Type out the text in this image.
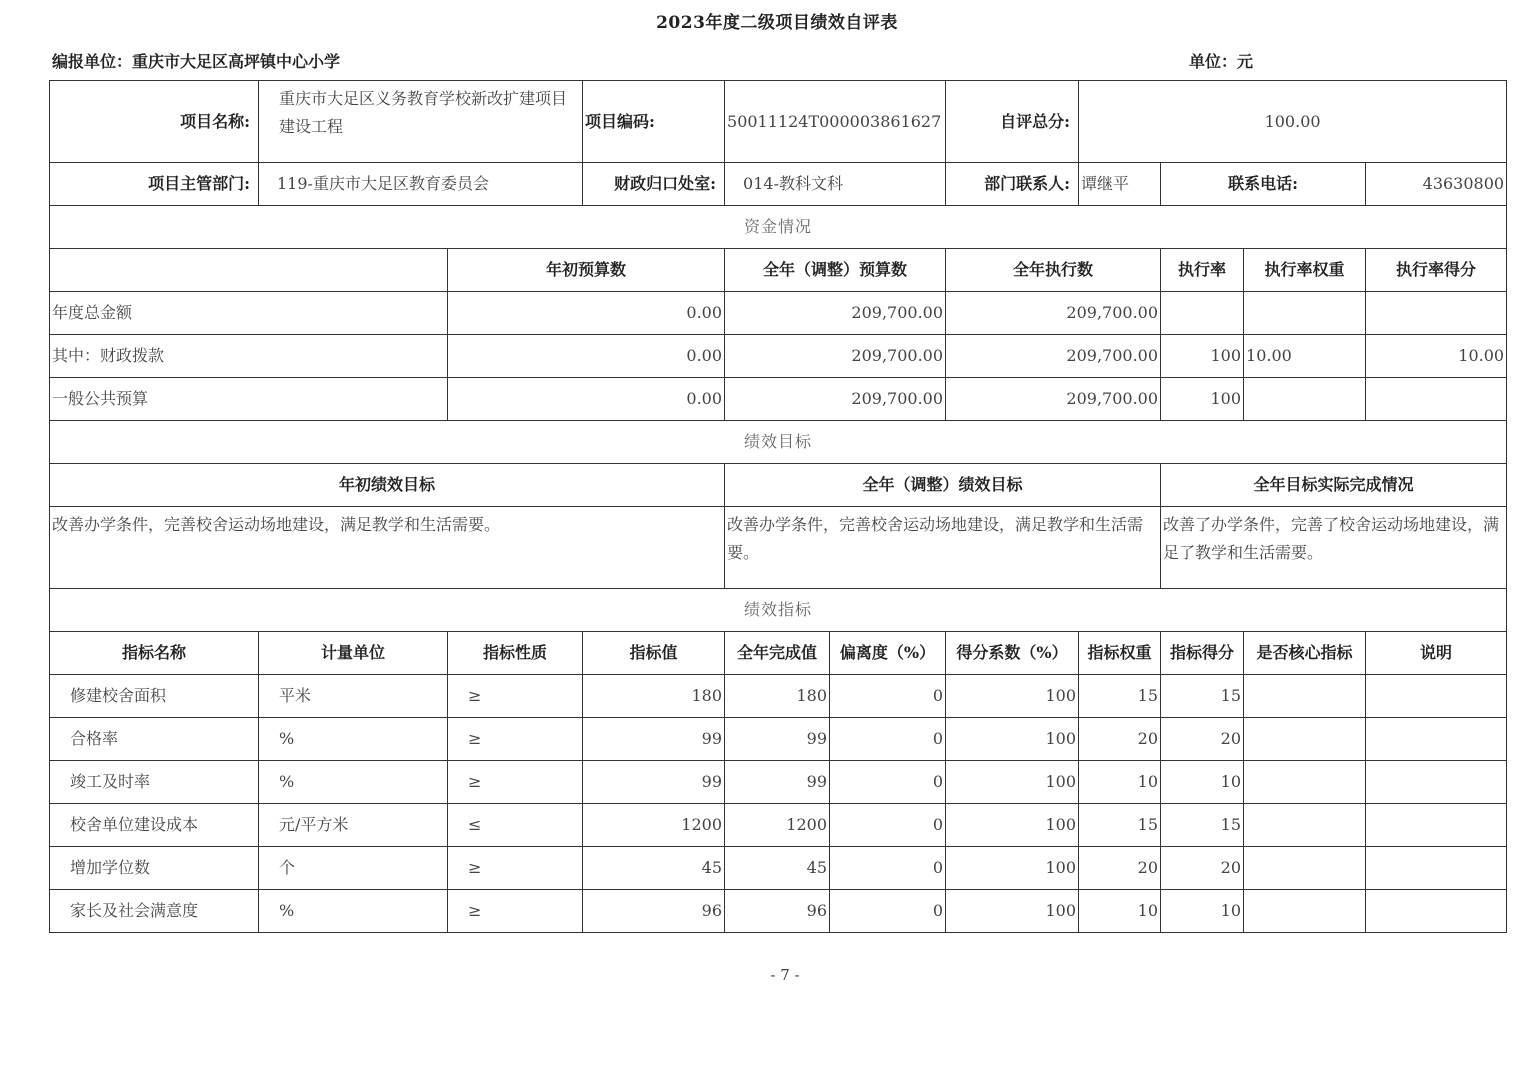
2023年度二级项目绩效自评表
编报单位：重庆市大足区高坪镇中心小学	单位：元
项目名称:	重庆市大足区义务教育学校新改扩建项目建设工程		项目编码:	50011124T000003861627		自评总分:	100.00			
项目主管部门:	119-重庆市大足区教育委员会		财政归口处室:	014-教科文科		部门联系人:	谭继平	联系电话:		43630800
资金情况										
		年初预算数		全年（调整）预算数		全年执行数		执行率	执行率权重	执行率得分
年度总金额		0.00		209,700.00		209,700.00				
其中：财政拨款		0.00		209,700.00		209,700.00		100	10.00	10.00
一般公共预算		0.00		209,700.00		209,700.00		100		
绩效目标										
年初绩效目标				全年（调整）绩效目标				全年目标实际完成情况		
改善办学条件，完善校舍运动场地建设，满足教学和生活需要。				改善办学条件，完善校舍运动场地建设，满足教学和生活需要。				改善了办学条件，完善了校舍运动场地建设，满足了教学和生活需要。		
绩效指标										
指标名称	计量单位	指标性质	指标值	全年完成值	偏离度（%）	得分系数（%）	指标权重	指标得分	是否核心指标	说明
修建校舍面积	平米	≥	180	180	0	100	15	15		
合格率	%	≥	99	99	0	100	20	20		
竣工及时率	%	≥	99	99	0	100	10	10		
校舍单位建设成本	元/平方米	≤	1200	1200	0	100	15	15		
增加学位数	个	≥	45	45	0	100	20	20		
家长及社会满意度	%	≥	96	96	0	100	10	10		
- 7 -
